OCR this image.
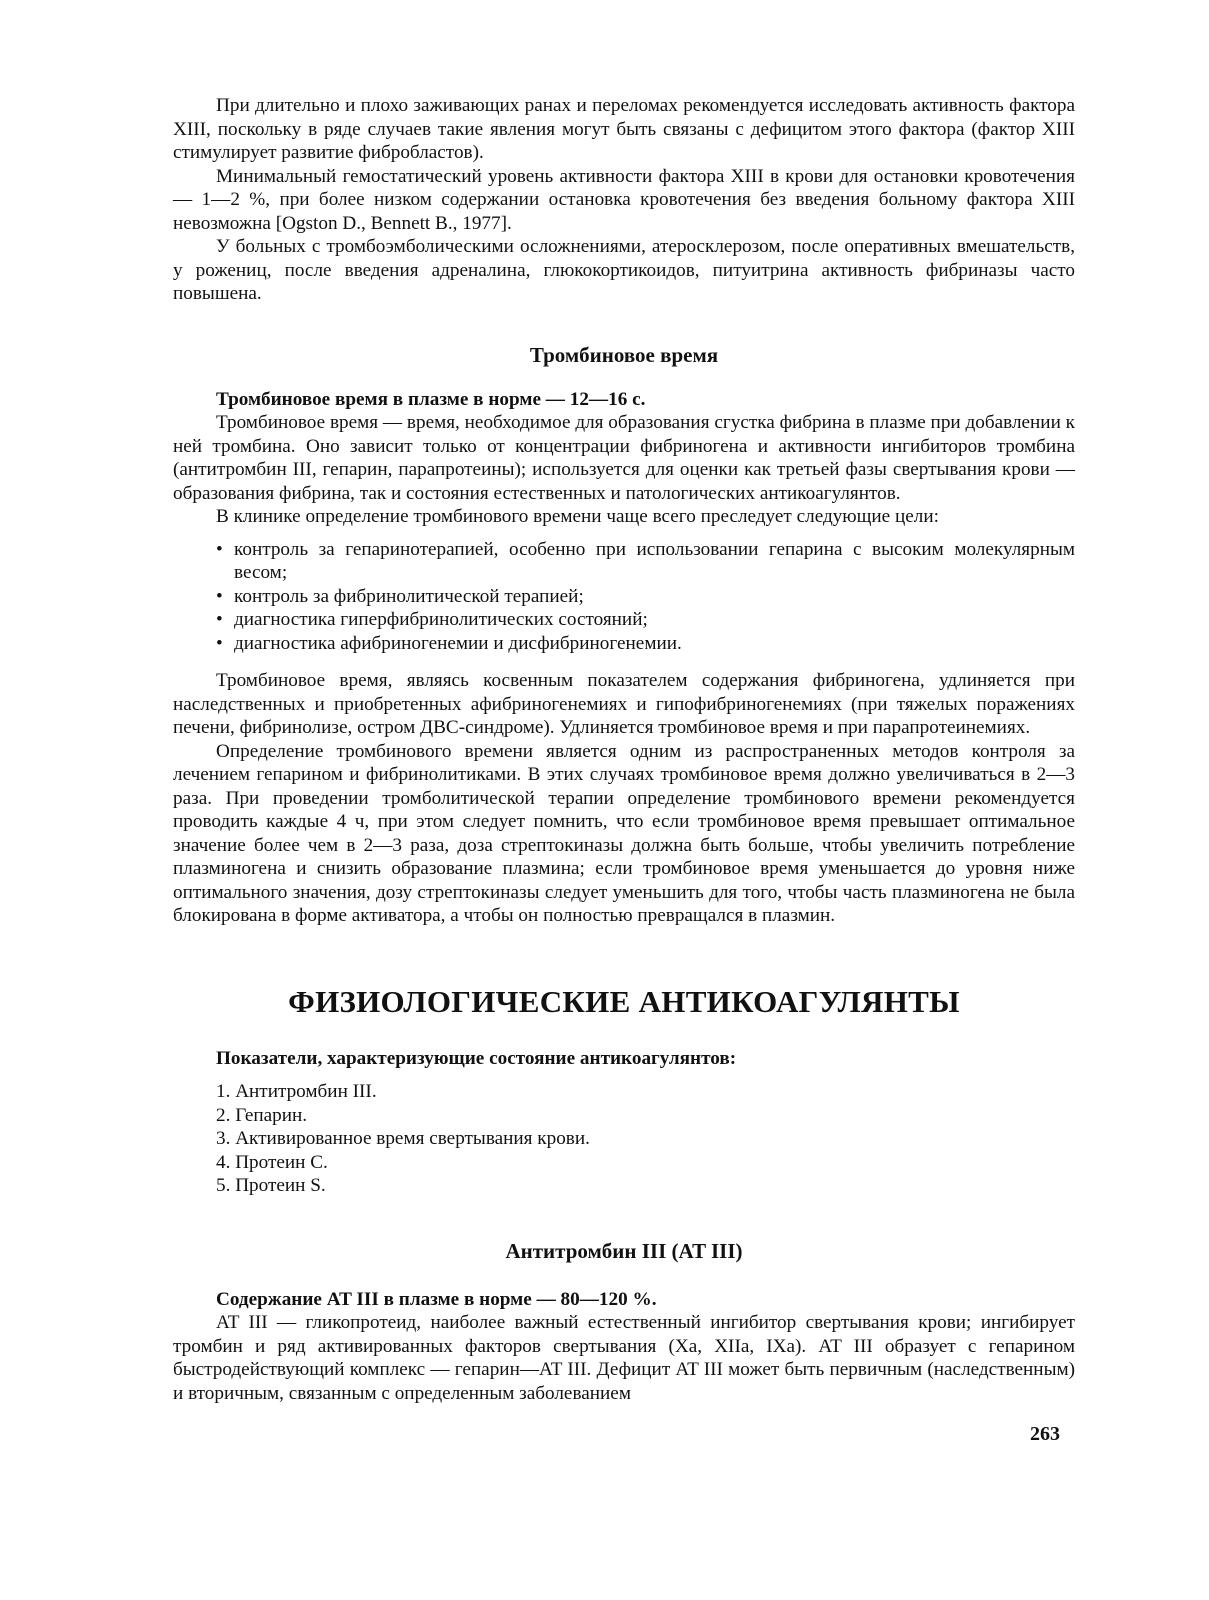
При длительно и плохо заживающих ранах и переломах рекомендуется исследовать активность фактора XIII, поскольку в ряде случаев такие явления могут быть связаны с дефицитом этого фактора (фактор XIII стимулирует развитие фибробластов).

Минимальный гемостатический уровень активности фактора XIII в крови для остановки кровотечения — 1—2 %, при более низком содержании остановка кровотечения без введения больному фактора XIII невозможна [Ogston D., Bennett B., 1977].

У больных с тромбоэмболическими осложнениями, атеросклерозом, после оперативных вмешательств, у рожениц, после введения адреналина, глюкокортикоидов, питуитрина активность фибриназы часто повышена.

Тромбиновое время

Тромбиновое время в плазме в норме — 12—16 с.

Тромбиновое время — время, необходимое для образования сгустка фибрина в плазме при добавлении к ней тромбина. Оно зависит только от концентрации фибриногена и активности ингибиторов тромбина (антитромбин III, гепарин, парапротеины); используется для оценки как третьей фазы свертывания крови — образования фибрина, так и состояния естественных и патологических антикоагулянтов.

В клинике определение тромбинового времени чаще всего преследует следующие цели:

• контроль за гепаринотерапией, особенно при использовании гепарина с высоким молекулярным весом;
• контроль за фибринолитической терапией;
• диагностика гиперфибринолитических состояний;
• диагностика афибриногенемии и дисфибриногенемии.

Тромбиновое время, являясь косвенным показателем содержания фибриногена, удлиняется при наследственных и приобретенных афибриногенемиях и гипофибриногенемиях (при тяжелых поражениях печени, фибринолизе, остром ДВС-синдроме). Удлиняется тромбиновое время и при парапротеинемиях.

Определение тромбинового времени является одним из распространенных методов контроля за лечением гепарином и фибринолитиками. В этих случаях тромбиновое время должно увеличиваться в 2—3 раза. При проведении тромболитической терапии определение тромбинового времени рекомендуется проводить каждые 4 ч, при этом следует помнить, что если тромбиновое время превышает оптимальное значение более чем в 2—3 раза, доза стрептокиназы должна быть больше, чтобы увеличить потребление плазминогена и снизить образование плазмина; если тромбиновое время уменьшается до уровня ниже оптимального значения, дозу стрептокиназы следует уменьшить для того, чтобы часть плазминогена не была блокирована в форме активатора, а чтобы он полностью превращался в плазмин.

ФИЗИОЛОГИЧЕСКИЕ АНТИКОАГУЛЯНТЫ

Показатели, характеризующие состояние антикоагулянтов:

1. Антитромбин III.
2. Гепарин.
3. Активированное время свертывания крови.
4. Протеин C.
5. Протеин S.
Антитромбин III (AT III)

Содержание AT III в плазме в норме — 80—120 %.

AT III — гликопротеид, наиболее важный естественный ингибитор свертывания крови; ингибирует тромбин и ряд активированных факторов свертывания (Xa, XIIa, IXa). AT III образует с гепарином быстродействующий комплекс — гепарин—AT III. Дефицит AT III может быть первичным (наследственным) и вторичным, связанным с определенным заболеванием

263
